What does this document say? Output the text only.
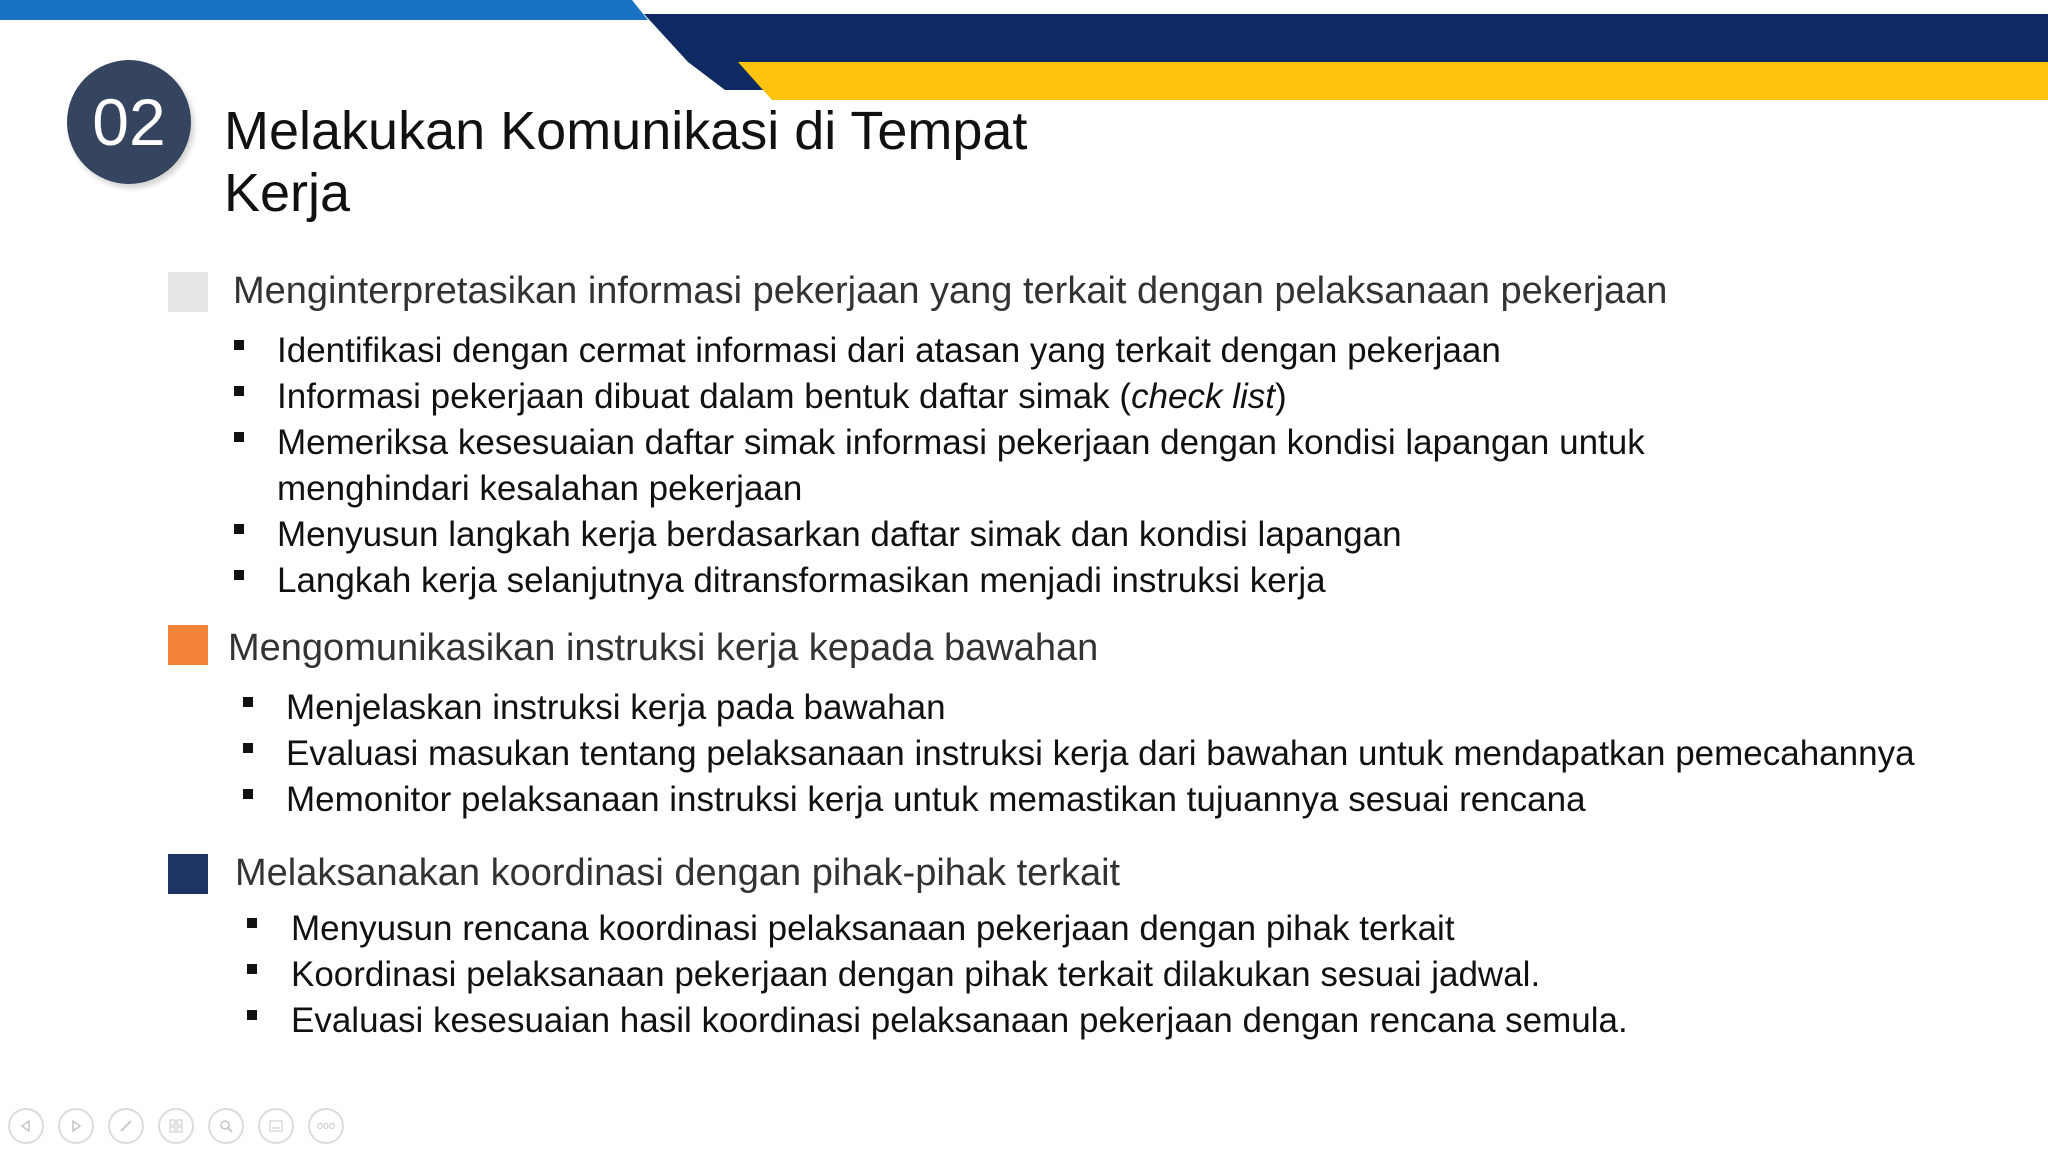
02 Melakukan Komunikasi di Tempat
Kerja
Menginterpretasikan informasi pekerjaan yang terkait dengan pelaksanaan pekerjaan
Identifikasi dengan cermat informasi dari atasan yang terkait dengan pekerjaan
Informasi pekerjaan dibuat dalam bentuk daftar simak (check list)
Memeriksa kesesuaian daftar simak informasi pekerjaan dengan kondisi lapangan untuk
menghindari kesalahan pekerjaan
Menyusun langkah kerja berdasarkan daftar simak dan kondisi lapangan
Langkah kerja selanjutnya ditransformasikan menjadi instruksi kerja
Mengomunikasikan instruksi kerja kepada bawahan
Menjelaskan instruksi kerja pada bawahan
Evaluasi masukan tentang pelaksanaan instruksi kerja dari bawahan untuk mendapatkan pemecahannya
Memonitor pelaksanaan instruksi kerja untuk memastikan tujuannya sesuai rencana
Melaksanakan koordinasi dengan pihak-pihak terkait
Menyusun rencana koordinasi pelaksanaan pekerjaan dengan pihak terkait
Koordinasi pelaksanaan pekerjaan dengan pihak terkait dilakukan sesuai jadwal.
Evaluasi kesesuaian hasil koordinasi pelaksanaan pekerjaan dengan rencana semula.
ooo
